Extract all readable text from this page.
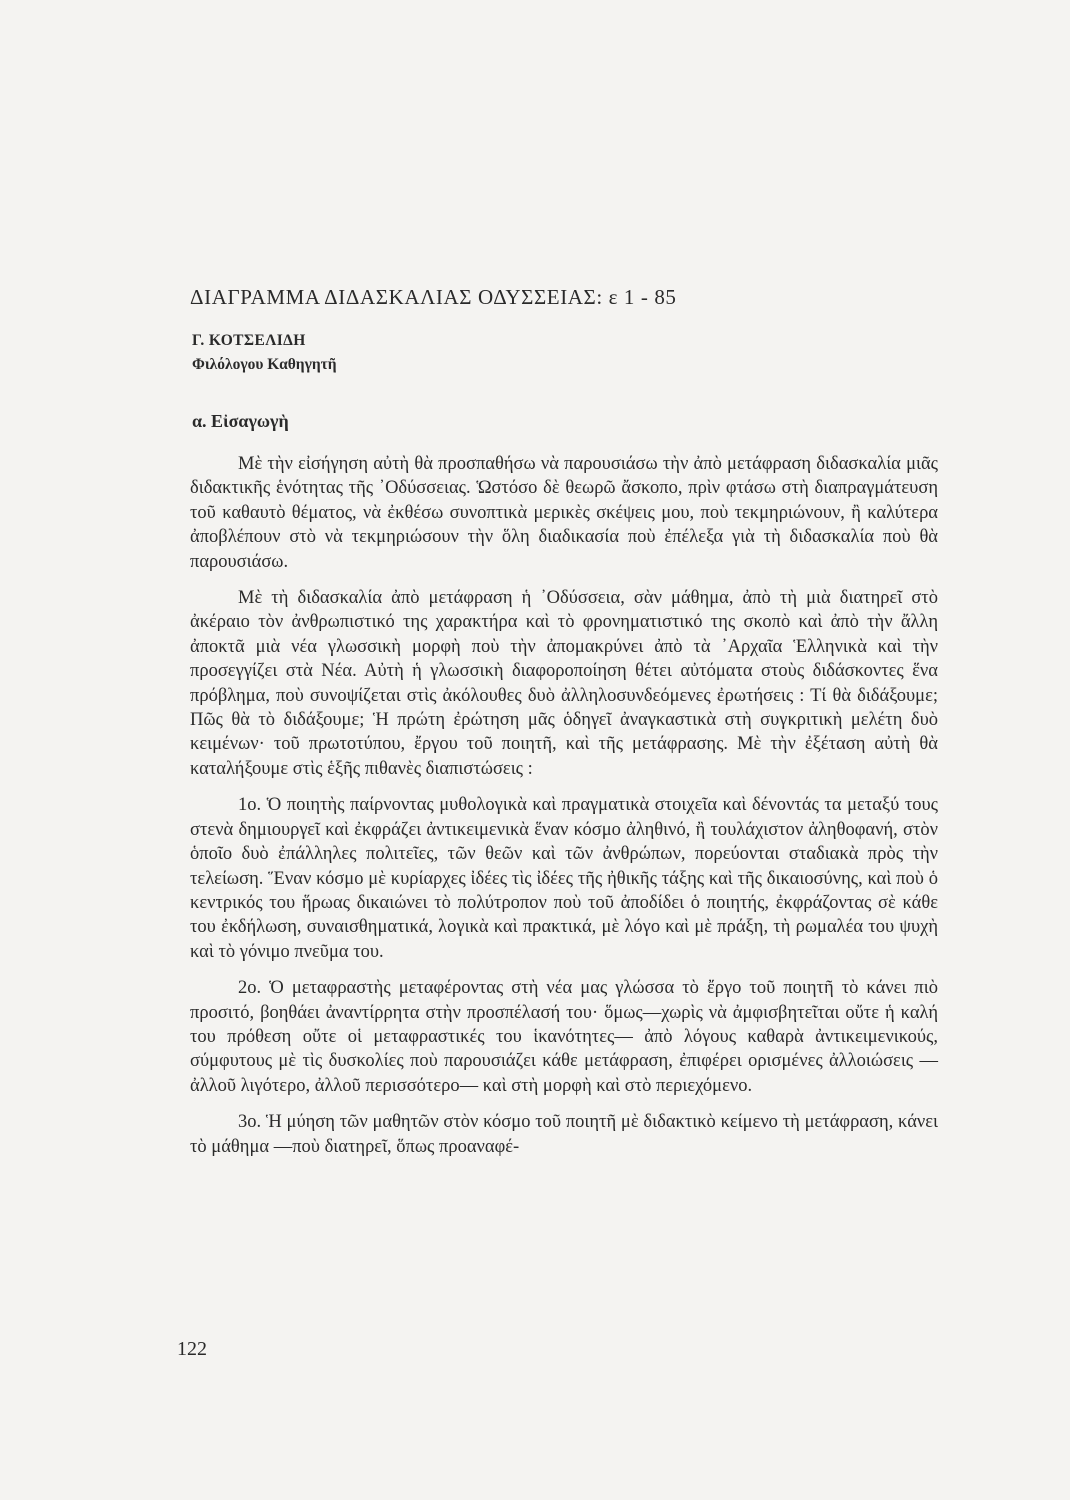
ΔΙΑΓΡΑΜΜΑ ΔΙΔΑΣΚΑΛΙΑΣ ΟΔΥΣΣΕΙΑΣ: ε 1 - 85

Γ. ΚΟΤΣΕΛΙΔΗ

Φιλόλογου Καθηγητῆ

α. Εἰσαγωγὴ

Μὲ τὴν εἰσήγηση αὐτὴ θὰ προσπαθήσω νὰ παρουσιάσω τὴν ἀπὸ μετάφραση διδασκαλία μιᾶς διδακτικῆς ἑνότητας τῆς ᾿Οδύσσειας. Ὡστόσο δὲ θεωρῶ ἄσκοπο, πρὶν φτάσω στὴ διαπραγμάτευση τοῦ καθαυτὸ θέματος, νὰ ἐκθέσω συνοπτικὰ μερικὲς σκέψεις μου, ποὺ τεκμηριώνουν, ἢ καλύτερα ἀποβλέπουν στὸ νὰ τεκμηριώσουν τὴν ὅλη διαδικασία ποὺ ἐπέλεξα γιὰ τὴ διδασκαλία ποὺ θὰ παρουσιάσω.

Μὲ τὴ διδασκαλία ἀπὸ μετάφραση ἡ ᾿Οδύσσεια, σὰν μάθημα, ἀπὸ τὴ μιὰ διατηρεῖ στὸ ἀκέραιο τὸν ἀνθρωπιστικό της χαρακτήρα καὶ τὸ φρονηματιστικό της σκοπὸ καὶ ἀπὸ τὴν ἄλλη ἀποκτᾶ μιὰ νέα γλωσσικὴ μορφὴ ποὺ τὴν ἀπομακρύνει ἀπὸ τὰ ᾿Αρχαῖα Ἑλληνικὰ καὶ τὴν προσεγγίζει στὰ Νέα. Αὐτὴ ἡ γλωσσικὴ διαφοροποίηση θέτει αὐτόματα στοὺς διδάσκοντες ἕνα πρόβλημα, ποὺ συνοψίζεται στὶς ἀκόλουθες δυὸ ἀλληλοσυνδεόμενες ἐρωτήσεις : Τί θὰ διδάξουμε; Πῶς θὰ τὸ διδάξουμε; Ἡ πρώτη ἐρώτηση μᾶς ὁδηγεῖ ἀναγκαστικὰ στὴ συγκριτικὴ μελέτη δυὸ κειμένων· τοῦ πρωτοτύπου, ἔργου τοῦ ποιητῆ, καὶ τῆς μετάφρασης. Μὲ τὴν ἐξέταση αὐτὴ θὰ καταλήξουμε στὶς ἑξῆς πιθανὲς διαπιστώσεις :

1ο. Ὁ ποιητὴς παίρνοντας μυθολογικὰ καὶ πραγματικὰ στοιχεῖα καὶ δένοντάς τα μεταξύ τους στενὰ δημιουργεῖ καὶ ἐκφράζει ἀντικειμενικὰ ἕναν κόσμο ἀληθινό, ἢ τουλάχιστον ἀληθοφανή, στὸν ὁποῖο δυὸ ἐπάλληλες πολιτεῖες, τῶν θεῶν καὶ τῶν ἀνθρώπων, πορεύονται σταδιακὰ πρὸς τὴν τελείωση. Ἕναν κόσμο μὲ κυρίαρχες ἰδέες τὶς ἰδέες τῆς ἠθικῆς τάξης καὶ τῆς δικαιοσύνης, καὶ ποὺ ὁ κεντρικός του ἥρωας δικαιώνει τὸ πολύτροπον ποὺ τοῦ ἀποδίδει ὁ ποιητής, ἐκφράζοντας σὲ κάθε του ἐκδήλωση, συναισθηματικά, λογικὰ καὶ πρακτικά, μὲ λόγο καὶ μὲ πράξη, τὴ ρωμαλέα του ψυχὴ καὶ τὸ γόνιμο πνεῦμα του.

2ο. Ὁ μεταφραστὴς μεταφέροντας στὴ νέα μας γλώσσα τὸ ἔργο τοῦ ποιητῆ τὸ κάνει πιὸ προσιτό, βοηθάει ἀναντίρρητα στὴν προσπέλασή του· ὅμως—χωρὶς νὰ ἀμφισβητεῖται οὔτε ἡ καλή του πρόθεση οὔτε οἱ μεταφραστικές του ἱκανότητες— ἀπὸ λόγους καθαρὰ ἀντικειμενικούς, σύμφυτους μὲ τὶς δυσκολίες ποὺ παρουσιάζει κάθε μετάφραση, ἐπιφέρει ορισμένες ἀλλοιώσεις —ἀλλοῦ λιγότερο, ἀλλοῦ περισσότερο— καὶ στὴ μορφὴ καὶ στὸ περιεχόμενο.

3ο. Ἡ μύηση τῶν μαθητῶν στὸν κόσμο τοῦ ποιητῆ μὲ διδακτικὸ κείμενο τὴ μετάφραση, κάνει τὸ μάθημα —ποὺ διατηρεῖ, ὅπως προαναφέ-

122
